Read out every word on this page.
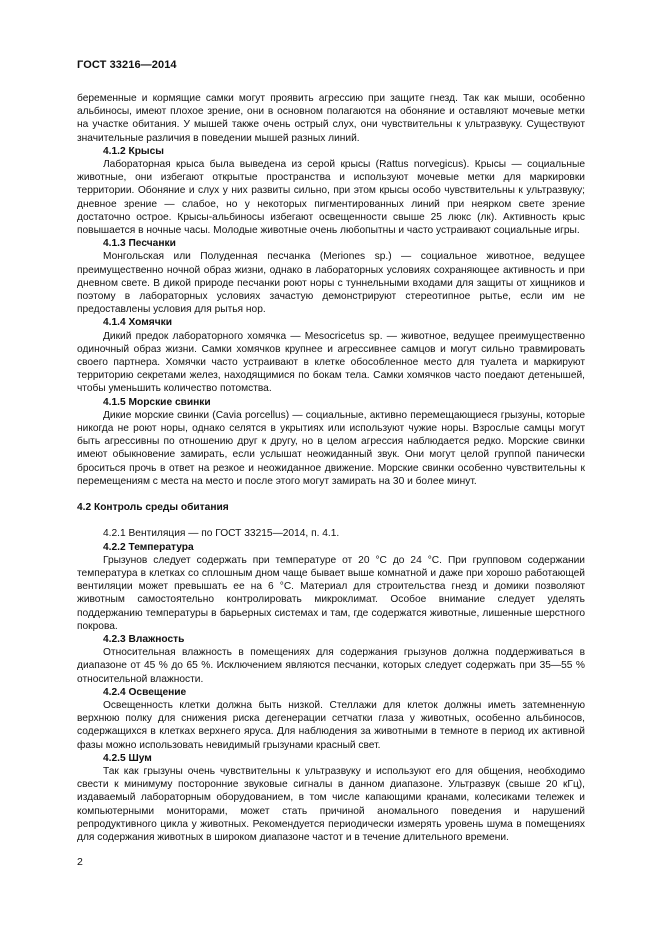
ГОСТ 33216—2014

беременные и кормящие самки могут проявить агрессию при защите гнезд. Так как мыши, особенно альбиносы, имеют плохое зрение, они в основном полагаются на обоняние и оставляют мочевые метки на участке обитания. У мышей также очень острый слух, они чувствительны к ультразвуку. Существуют значительные различия в поведении мышей разных линий.

4.1.2 Крысы

Лабораторная крыса была выведена из серой крысы (Rattus norvegicus). Крысы — социальные животные, они избегают открытые пространства и используют мочевые метки для маркировки территории. Обоняние и слух у них развиты сильно, при этом крысы особо чувствительны к ультразвуку; дневное зрение — слабое, но у некоторых пигментированных линий при неярком свете зрение достаточно острое. Крысы-альбиносы избегают освещенности свыше 25 люкс (лк). Активность крыс повышается в ночные часы. Молодые животные очень любопытны и часто устраивают социальные игры.

4.1.3 Песчанки

Монгольская или Полуденная песчанка (Meriones sp.) — социальное животное, ведущее преимущественно ночной образ жизни, однако в лабораторных условиях сохраняющее активность и при дневном свете. В дикой природе песчанки роют норы с туннельными входами для защиты от хищников и поэтому в лабораторных условиях зачастую демонстрируют стереотипное рытье, если им не предоставлены условия для рытья нор.

4.1.4 Хомячки

Дикий предок лабораторного хомячка — Mesocricetus sp. — животное, ведущее преимущественно одиночный образ жизни. Самки хомячков крупнее и агрессивнее самцов и могут сильно травмировать своего партнера. Хомячки часто устраивают в клетке обособленное место для туалета и маркируют территорию секретами желез, находящимися по бокам тела. Самки хомячков часто поедают детенышей, чтобы уменьшить количество потомства.

4.1.5 Морские свинки

Дикие морские свинки (Cavia porcellus) — социальные, активно перемещающиеся грызуны, которые никогда не роют норы, однако селятся в укрытиях или используют чужие норы. Взрослые самцы могут быть агрессивны по отношению друг к другу, но в целом агрессия наблюдается редко. Морские свинки имеют обыкновение замирать, если услышат неожиданный звук. Они могут целой группой панически броситься прочь в ответ на резкое и неожиданное движение. Морские свинки особенно чувствительны к перемещениям с места на место и после этого могут замирать на 30 и более минут.

4.2 Контроль среды обитания

4.2.1 Вентиляция — по ГОСТ 33215—2014, п. 4.1.

4.2.2 Температура

Грызунов следует содержать при температуре от 20 °С до 24 °С. При групповом содержании температура в клетках со сплошным дном чаще бывает выше комнатной и даже при хорошо работающей вентиляции может превышать ее на 6 °С. Материал для строительства гнезд и домики позволяют животным самостоятельно контролировать микроклимат. Особое внимание следует уделять поддержанию температуры в барьерных системах и там, где содержатся животные, лишенные шерстного покрова.

4.2.3 Влажность

Относительная влажность в помещениях для содержания грызунов должна поддерживаться в диапазоне от 45 % до 65 %. Исключением являются песчанки, которых следует содержать при 35—55 % относительной влажности.

4.2.4 Освещение

Освещенность клетки должна быть низкой. Стеллажи для клеток должны иметь затемненную верхнюю полку для снижения риска дегенерации сетчатки глаза у животных, особенно альбиносов, содержащихся в клетках верхнего яруса. Для наблюдения за животными в темноте в период их активной фазы можно использовать невидимый грызунами красный свет.

4.2.5 Шум

Так как грызуны очень чувствительны к ультразвуку и используют его для общения, необходимо свести к минимуму посторонние звуковые сигналы в данном диапазоне. Ультразвук (свыше 20 кГц), издаваемый лабораторным оборудованием, в том числе капающими кранами, колесиками тележек и компьютерными мониторами, может стать причиной аномального поведения и нарушений репродуктивного цикла у животных. Рекомендуется периодически измерять уровень шума в помещениях для содержания животных в широком диапазоне частот и в течение длительного времени.

2
